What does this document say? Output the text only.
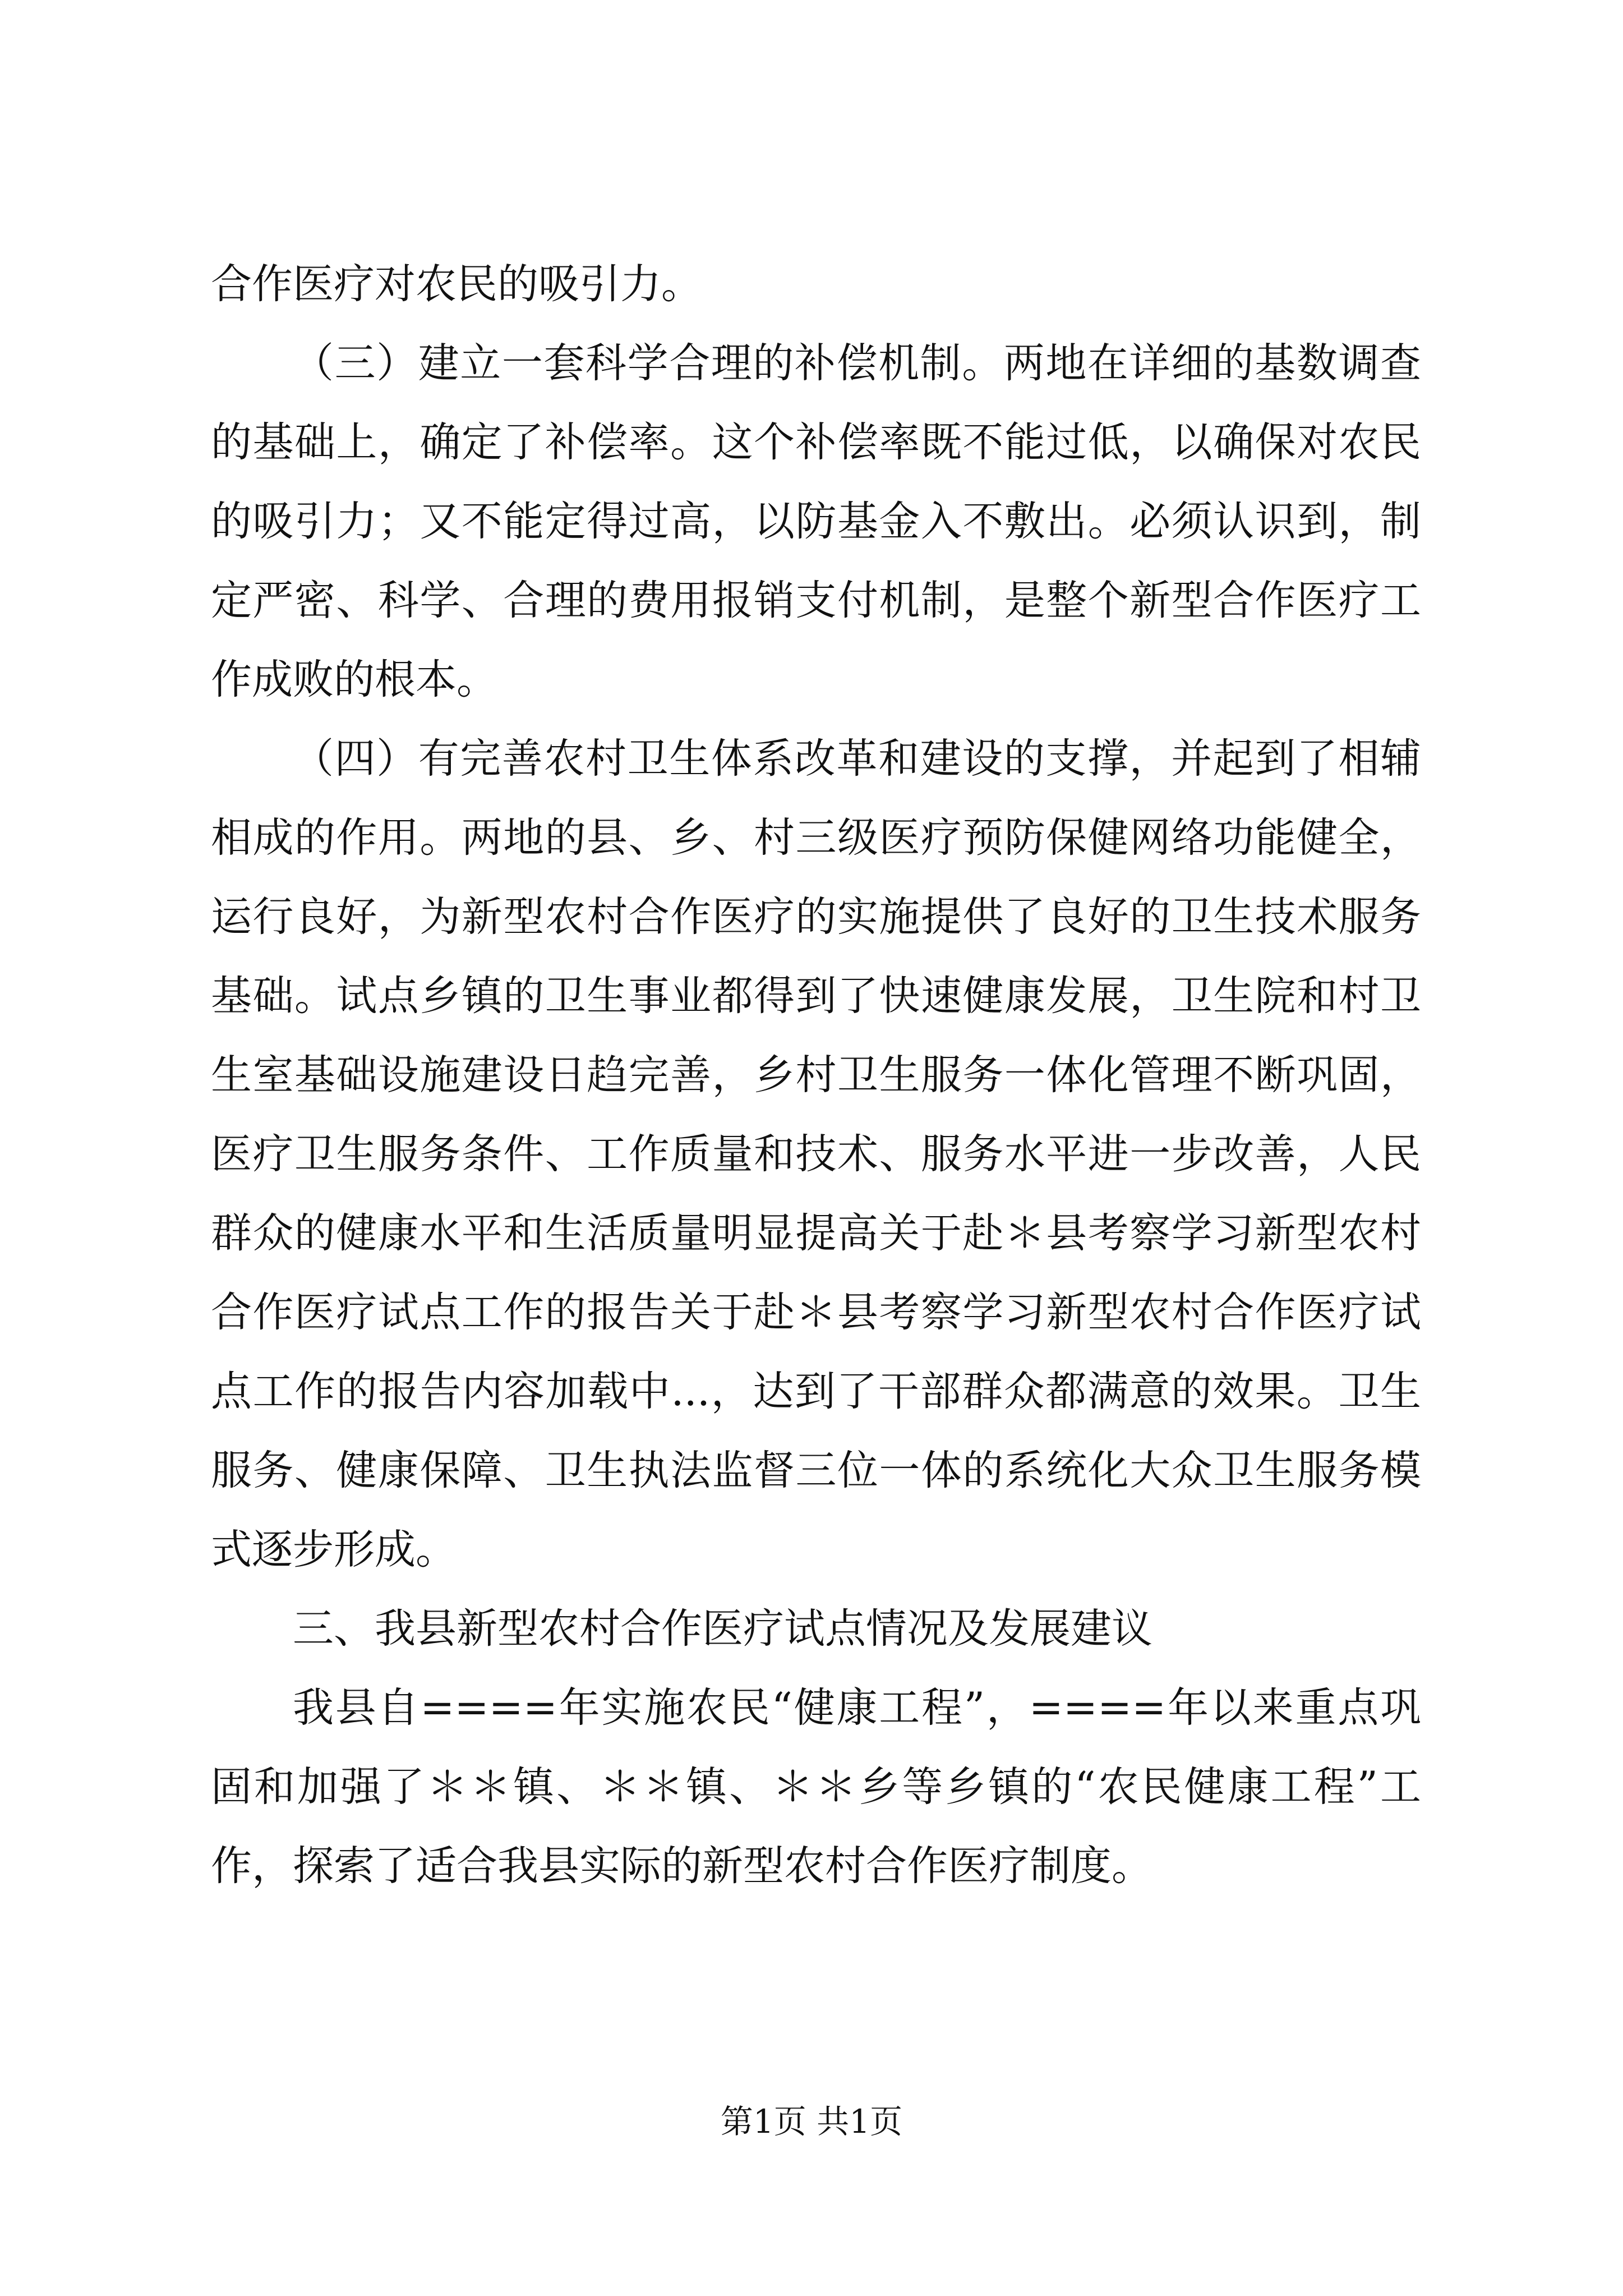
合作医疗对农民的吸引力。

（三）建立一套科学合理的补偿机制。两地在详细的基数调查的基础上，确定了补偿率。这个补偿率既不能过低，以确保对农民的吸引力；又不能定得过高，以防基金入不敷出。必须认识到，制定严密、科学、合理的费用报销支付机制，是整个新型合作医疗工作成败的根本。

（四）有完善农村卫生体系改革和建设的支撑，并起到了相辅相成的作用。两地的县、乡、村三级医疗预防保健网络功能健全，运行良好，为新型农村合作医疗的实施提供了良好的卫生技术服务基础。试点乡镇的卫生事业都得到了快速健康发展，卫生院和村卫生室基础设施建设日趋完善，乡村卫生服务一体化管理不断巩固，医疗卫生服务条件、工作质量和技术、服务水平进一步改善，人民群众的健康水平和生活质量明显提高关于赴＊县考察学习新型农村合作医疗试点工作的报告关于赴＊县考察学习新型农村合作医疗试点工作的报告内容加载中...，达到了干部群众都满意的效果。卫生服务、健康保障、卫生执法监督三位一体的系统化大众卫生服务模式逐步形成。

三、我县新型农村合作医疗试点情况及发展建议

我县自====年实施农民“健康工程”，====年以来重点巩固和加强了＊＊镇、＊＊镇、＊＊乡等乡镇的“农民健康工程”工作，探索了适合我县实际的新型农村合作医疗制度。

第1页 共1页
